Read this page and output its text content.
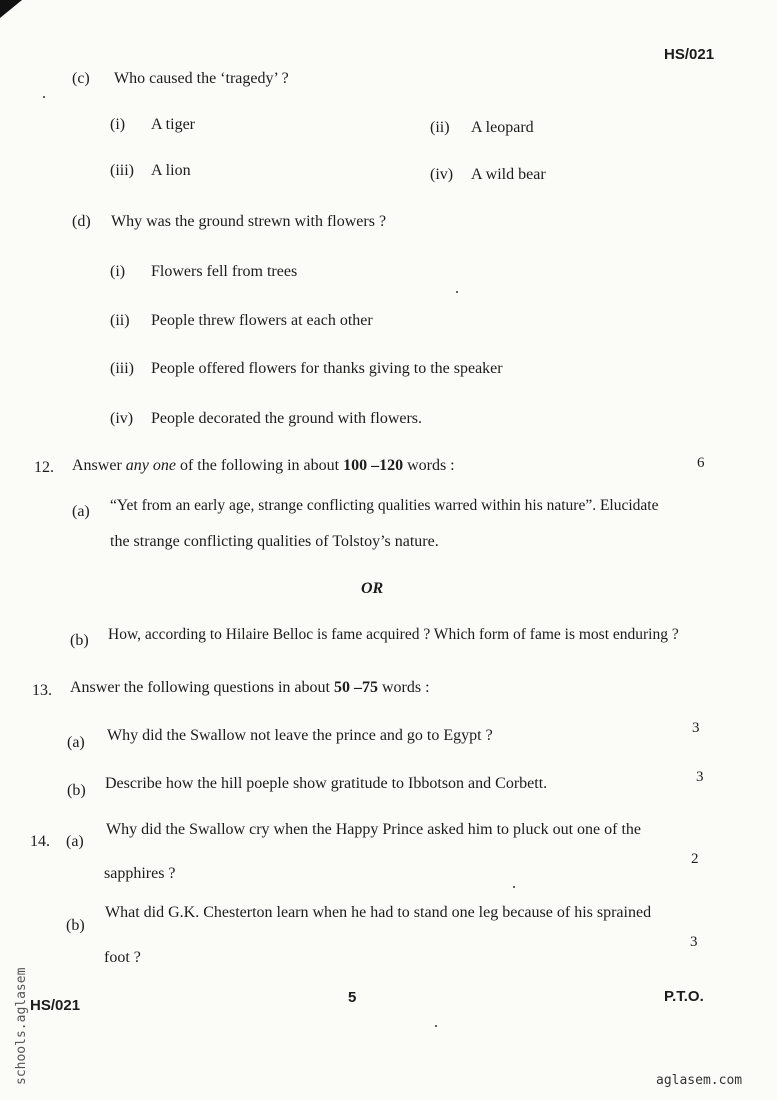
HS/021
(c) Who caused the ‘tragedy’ ?
(i) A tiger	(ii) A leopard
(iii) A lion	(iv) A wild bear
(d) Why was the ground strewn with flowers ?
(i) Flowers fell from trees
(ii) People threw flowers at each other
(iii) People offered flowers for thanks giving to the speaker
(iv) People decorated the ground with flowers.
12. Answer any one of the following in about 100 –120 words :	6
(a) “Yet from an early age, strange conflicting qualities warred within his nature”. Elucidate
the strange conflicting qualities of Tolstoy’s nature.
OR
(b) How, according to Hilaire Belloc is fame acquired ? Which form of fame is most enduring ?
13. Answer the following questions in about 50 –75 words :
(a) Why did the Swallow not leave the prince and go to Egypt ?	3
(b) Describe how the hill poeple show gratitude to Ibbotson and Corbett.	3
14. (a)
Why did the Swallow cry when the Happy Prince asked him to pluck out one of the
2
sapphires ?
(b)
What did G.K. Chesterton learn when he had to stand one leg because of his sprained
3
foot ?
HS/021	5	P.T.O.
schools.aglasem	aglasem.com
